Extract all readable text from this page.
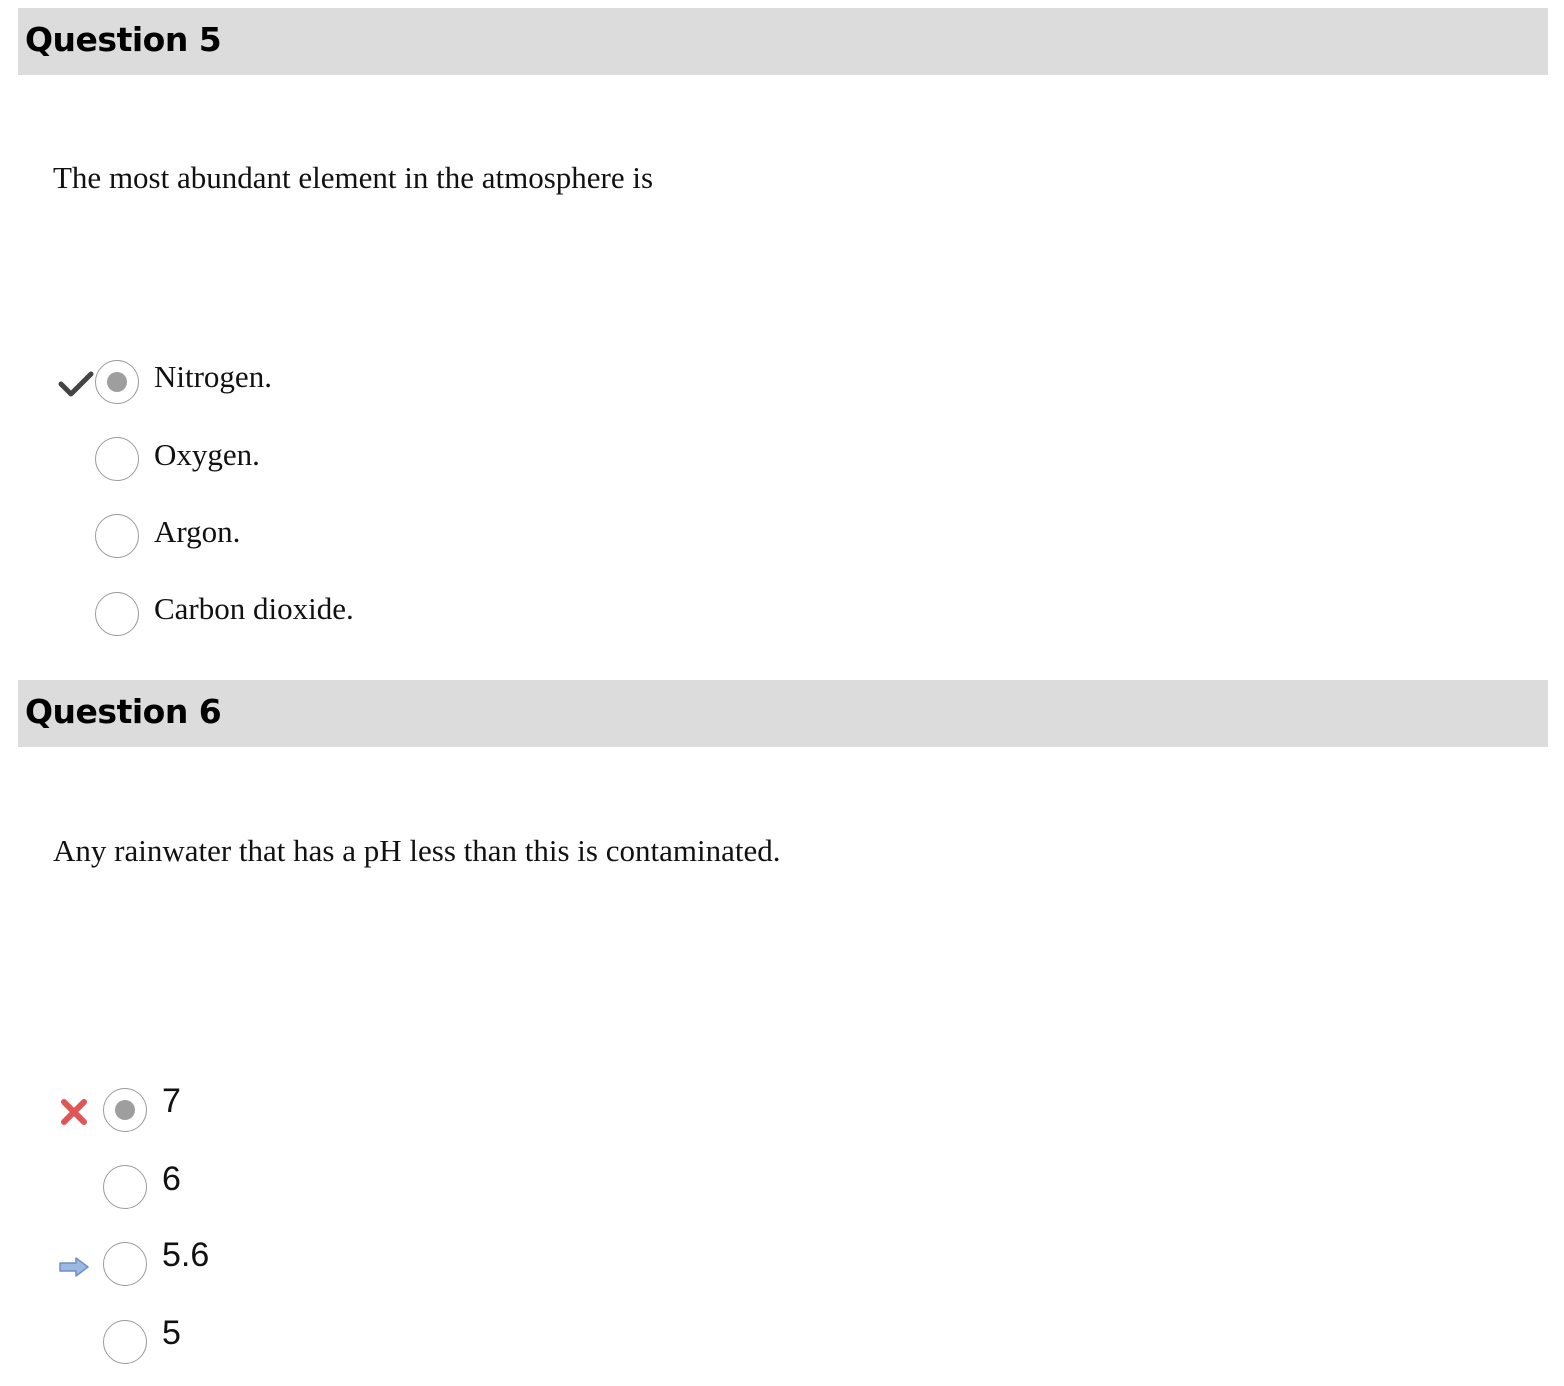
Question 5
The most abundant element in the atmosphere is
Nitrogen.
Oxygen.
Argon.
Carbon dioxide.
Question 6
Any rainwater that has a pH less than this is contaminated.
7
6
5.6
5
